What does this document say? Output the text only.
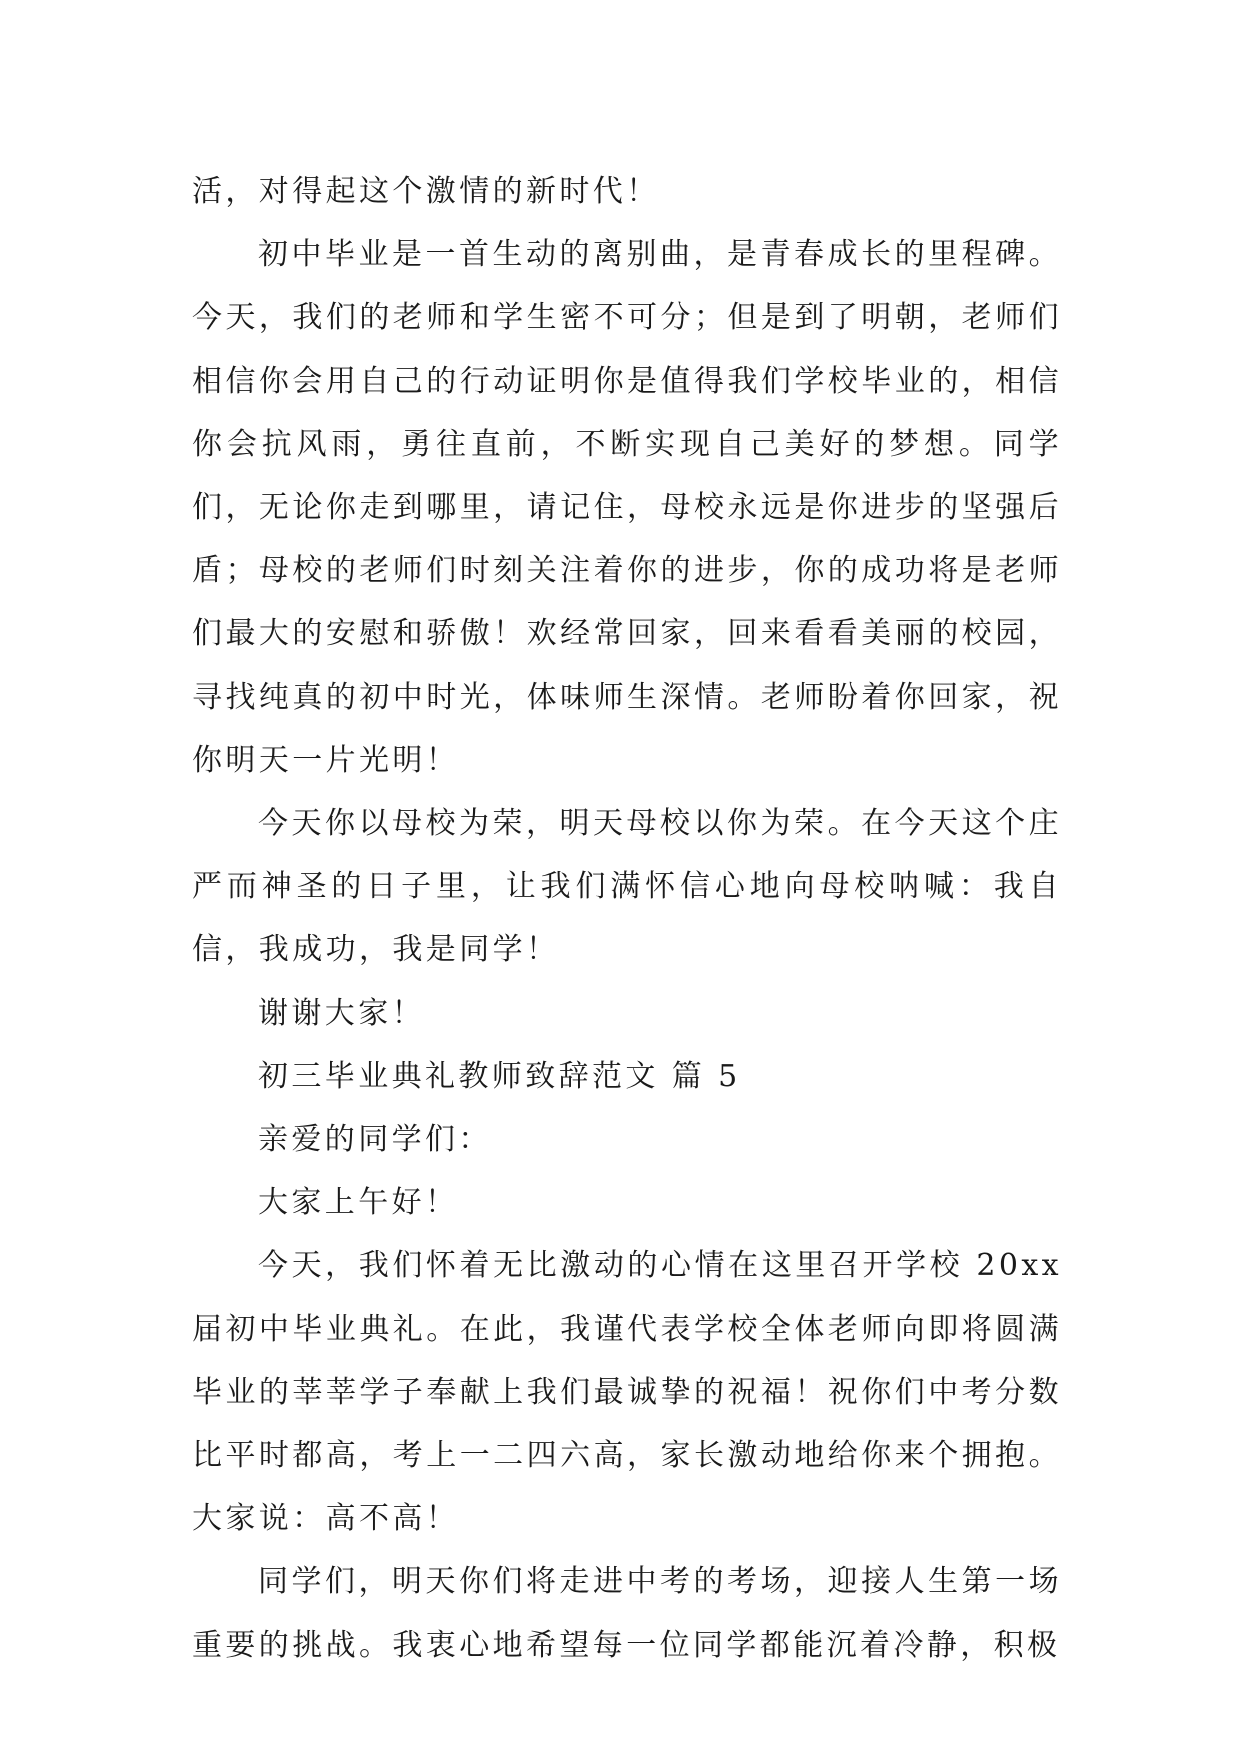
活，对得起这个激情的新时代！

初中毕业是一首生动的离别曲，是青春成长的里程碑。今天，我们的老师和学生密不可分；但是到了明朝，老师们相信你会用自己的行动证明你是值得我们学校毕业的，相信你会抗风雨，勇往直前，不断实现自己美好的梦想。同学们，无论你走到哪里，请记住，母校永远是你进步的坚强后盾；母校的老师们时刻关注着你的进步，你的成功将是老师们最大的安慰和骄傲！欢经常回家，回来看看美丽的校园，寻找纯真的初中时光，体味师生深情。老师盼着你回家，祝你明天一片光明！

今天你以母校为荣，明天母校以你为荣。在今天这个庄严而神圣的日子里，让我们满怀信心地向母校呐喊：我自信，我成功，我是同学！

谢谢大家！

初三毕业典礼教师致辞范文 篇 5

亲爱的同学们：

大家上午好！

今天，我们怀着无比激动的心情在这里召开学校 20xx 届初中毕业典礼。在此，我谨代表学校全体老师向即将圆满毕业的莘莘学子奉献上我们最诚挚的祝福！祝你们中考分数比平时都高，考上一二四六高，家长激动地给你来个拥抱。大家说：高不高！

同学们，明天你们将走进中考的考场，迎接人生第一场重要的挑战。我衷心地希望每一位同学都能沉着冷静，积极
